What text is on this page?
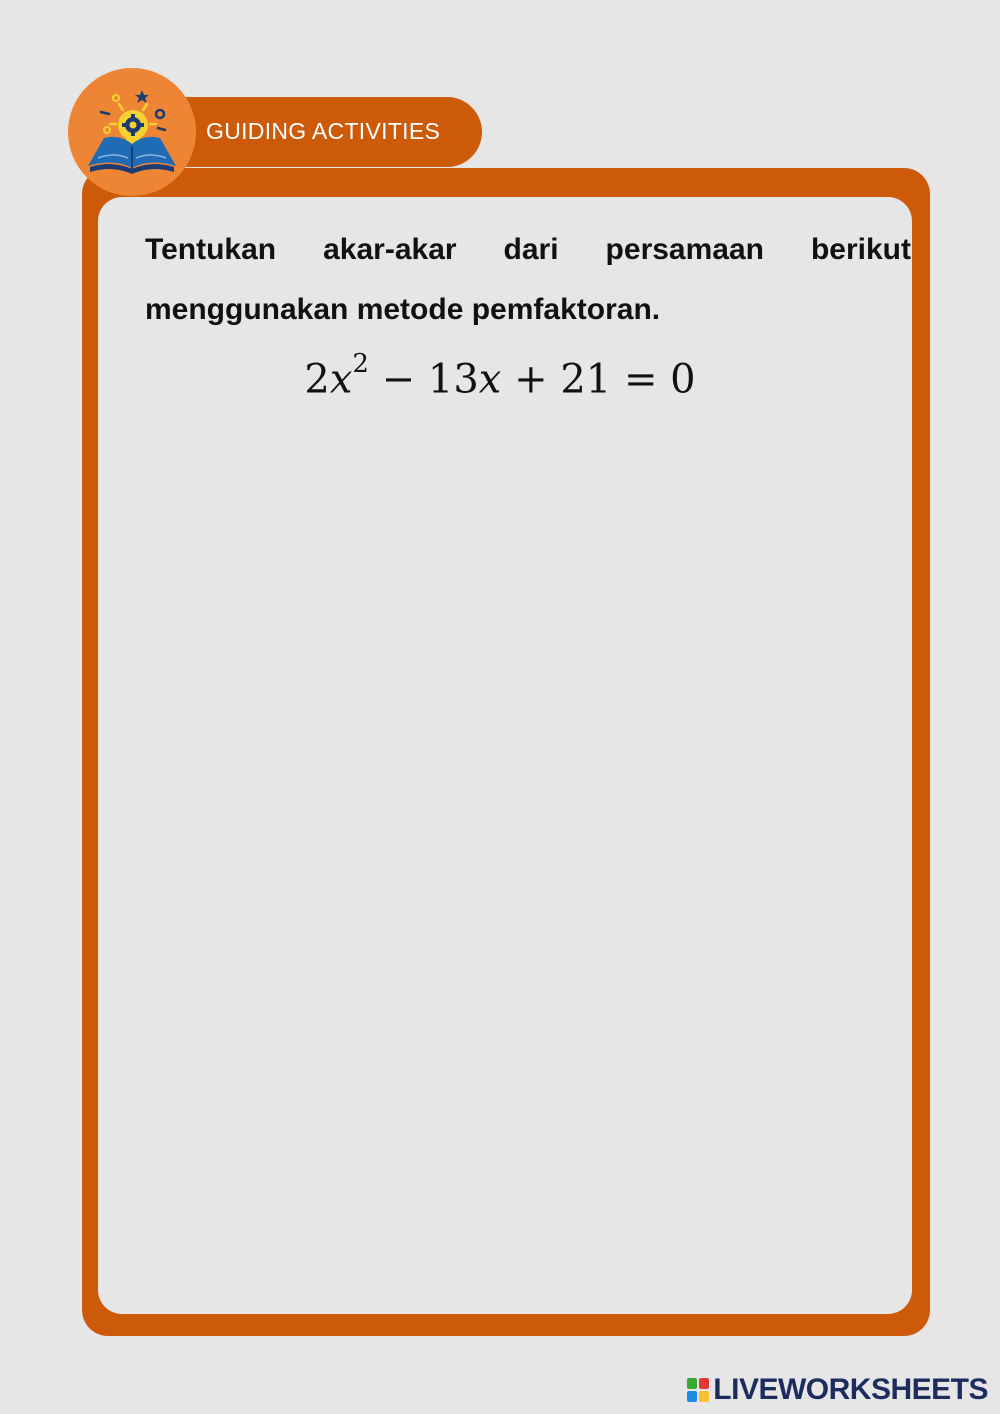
GUIDING ACTIVITIES
Tentukan akar-akar dari persamaan berikut
menggunakan metode pemfaktoran.
$2x^2 - 13x + 21 = 0$
LIVEWORKSHEETS
